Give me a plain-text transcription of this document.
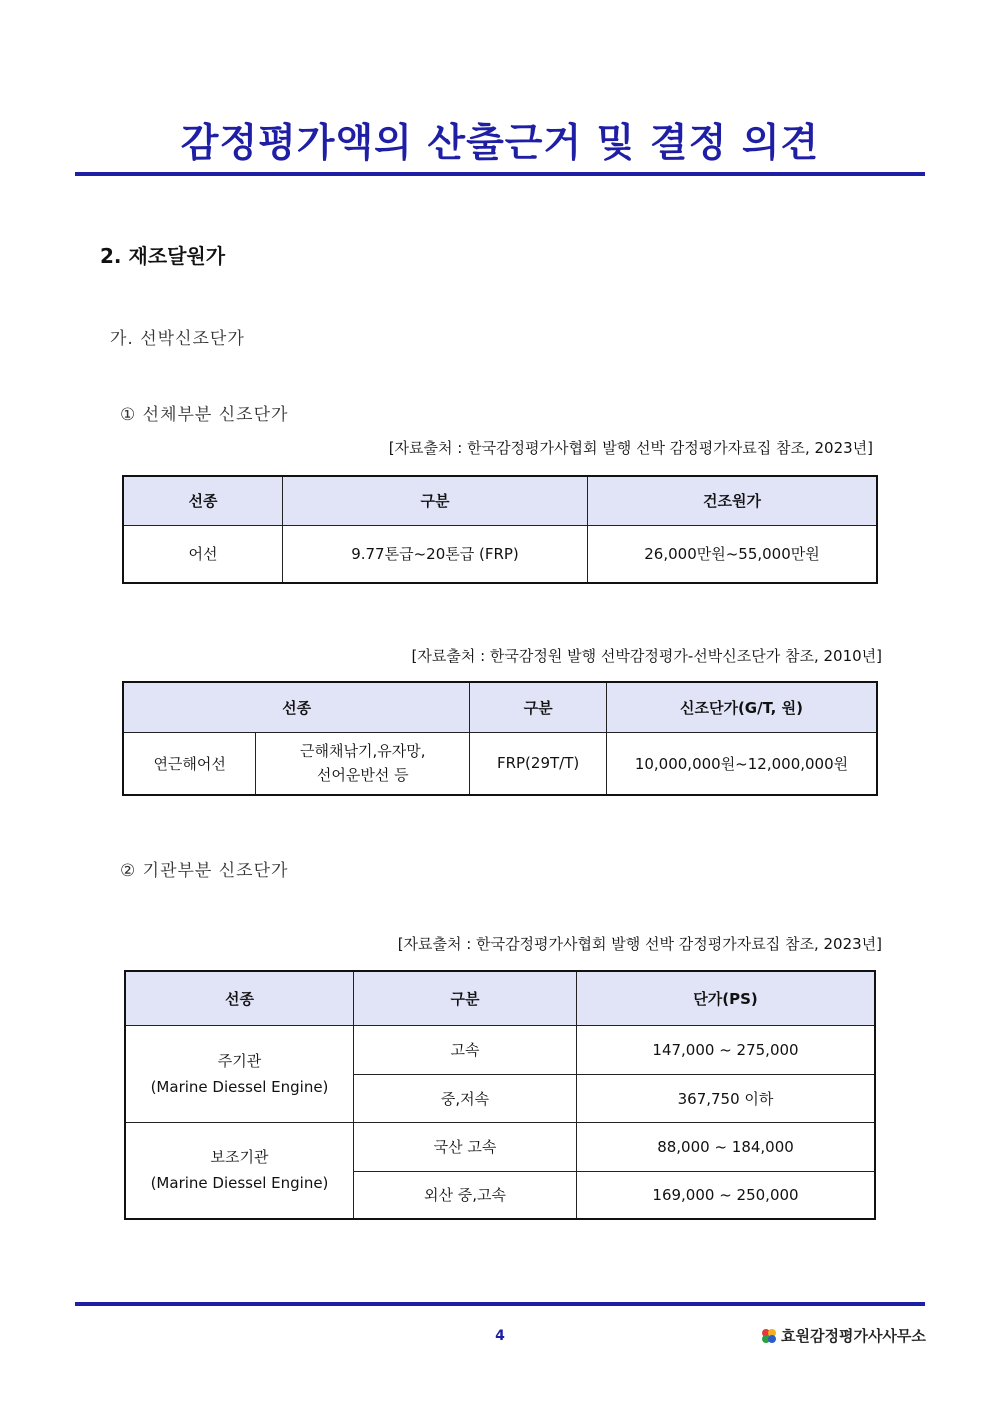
감정평가액의 산출근거 및 결정 의견
2. 재조달원가
가. 선박신조단가
① 선체부분 신조단가
[자료출처 : 한국감정평가사협회 발행 선박 감정평가자료집 참조, 2023년]
선종	구분	건조원가
어선	9.77톤급~20톤급 (FRP)	26,000만원~55,000만원
[자료출처 : 한국감정원 발행 선박감정평가-선박신조단가 참조, 2010년]
선종		구분	신조단가(G/T, 원)
연근해어선	근해채낚기,유자망,
선어운반선 등	FRP(29T/T)	10,000,000원~12,000,000원
② 기관부분 신조단가
[자료출처 : 한국감정평가사협회 발행 선박 감정평가자료집 참조, 2023년]
선종	구분	단가(PS)

주기관
(Marine Diessel Engine)	고속	147,000 ~ 275,000
	중,저속	367,750 이하

보조기관
(Marine Diessel Engine)	국산 고속	88,000 ~ 184,000
	외산 중,고속	169,000 ~ 250,000
4	효원감정평가사사무소
